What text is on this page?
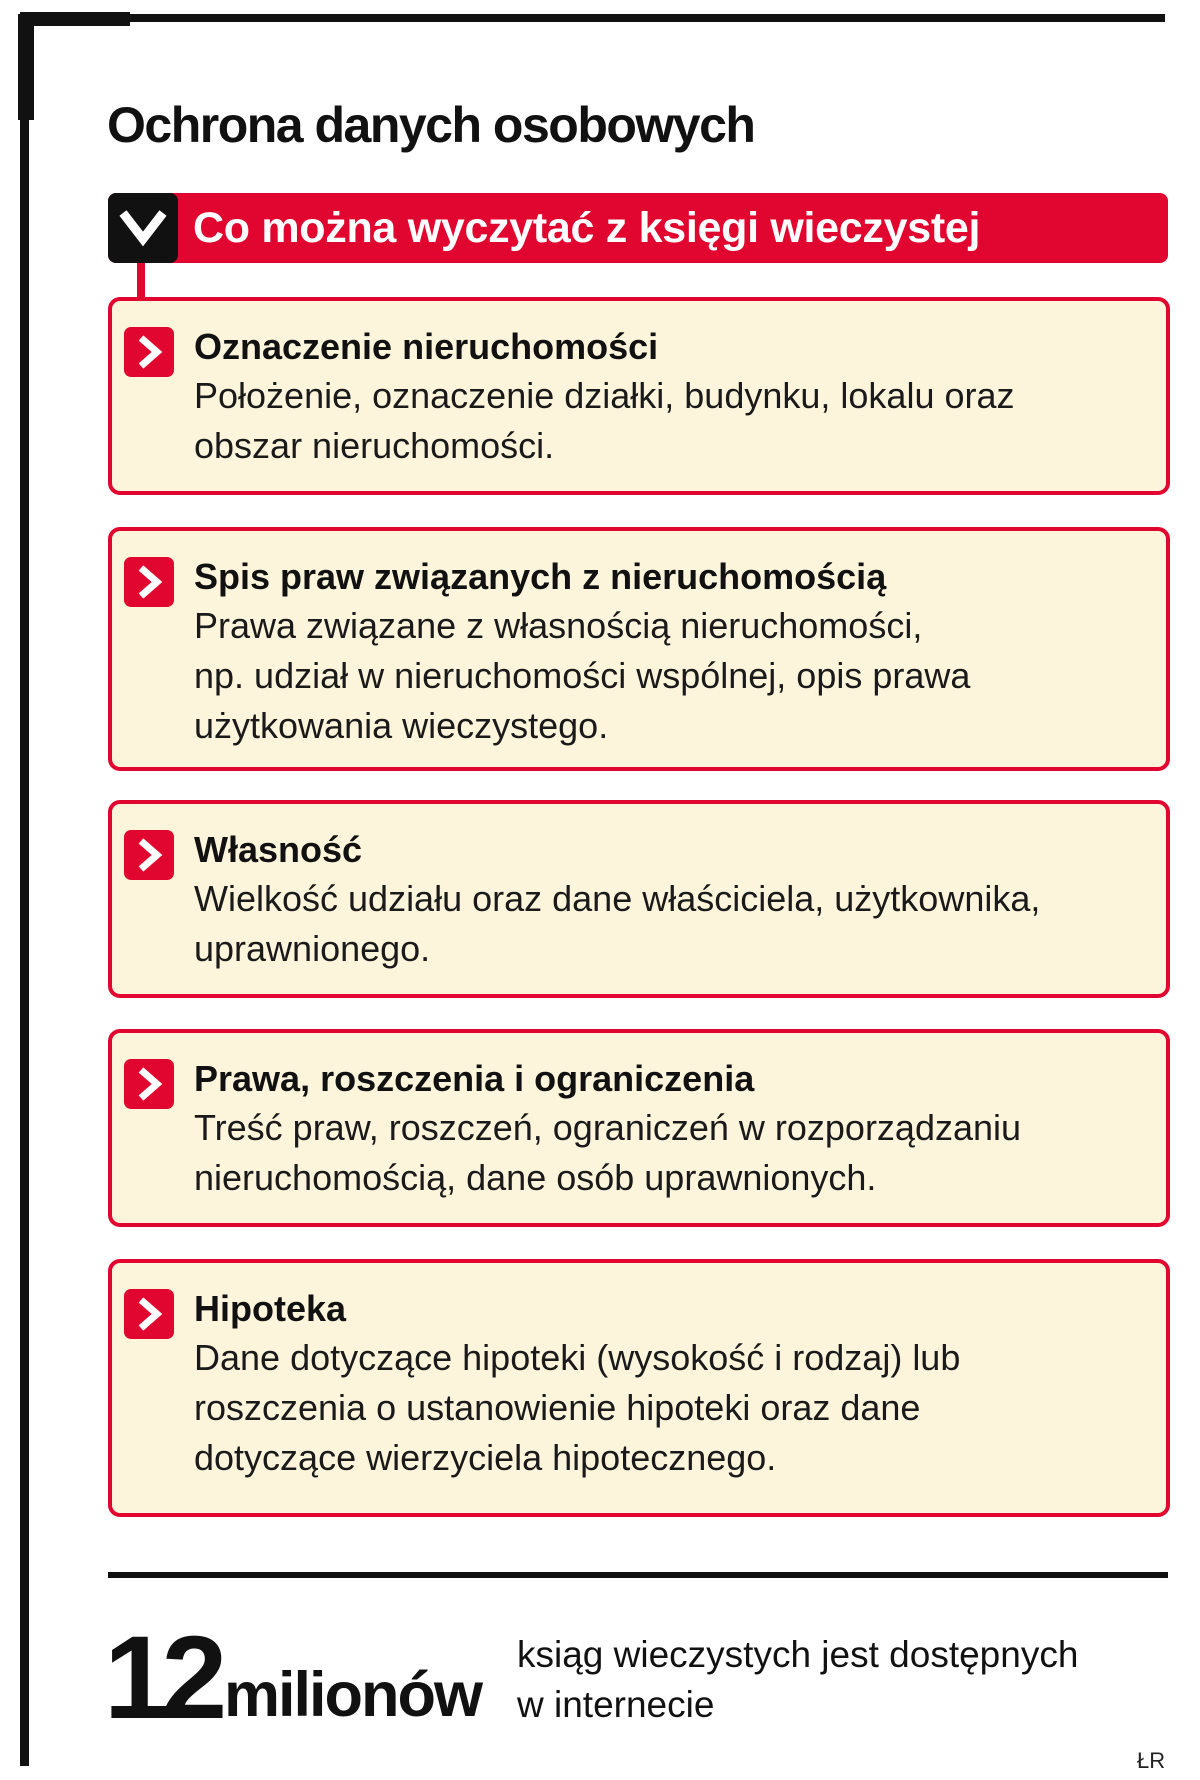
Ochrona danych osobowych
Co można wyczytać z księgi wieczystej
Oznaczenie nieruchomości

Położenie, oznaczenie działki, budynku, lokalu oraz
obszar nieruchomości.

Spis praw związanych z nieruchomością

Prawa związane z własnością nieruchomości,
np. udział w nieruchomości wspólnej, opis prawa
użytkowania wieczystego.

Własność

Wielkość udziału oraz dane właściciela, użytkownika,
uprawnionego.

Prawa, roszczenia i ograniczenia

Treść praw, roszczeń, ograniczeń w rozporządzaniu
nieruchomością, dane osób uprawnionych.

Hipoteka

Dane dotyczące hipoteki (wysokość i rodzaj) lub
roszczenia o ustanowienie hipoteki oraz dane
dotyczące wierzyciela hipotecznego.

12 milionów

ksiąg wieczystych jest dostępnych
w internecie

ŁR
